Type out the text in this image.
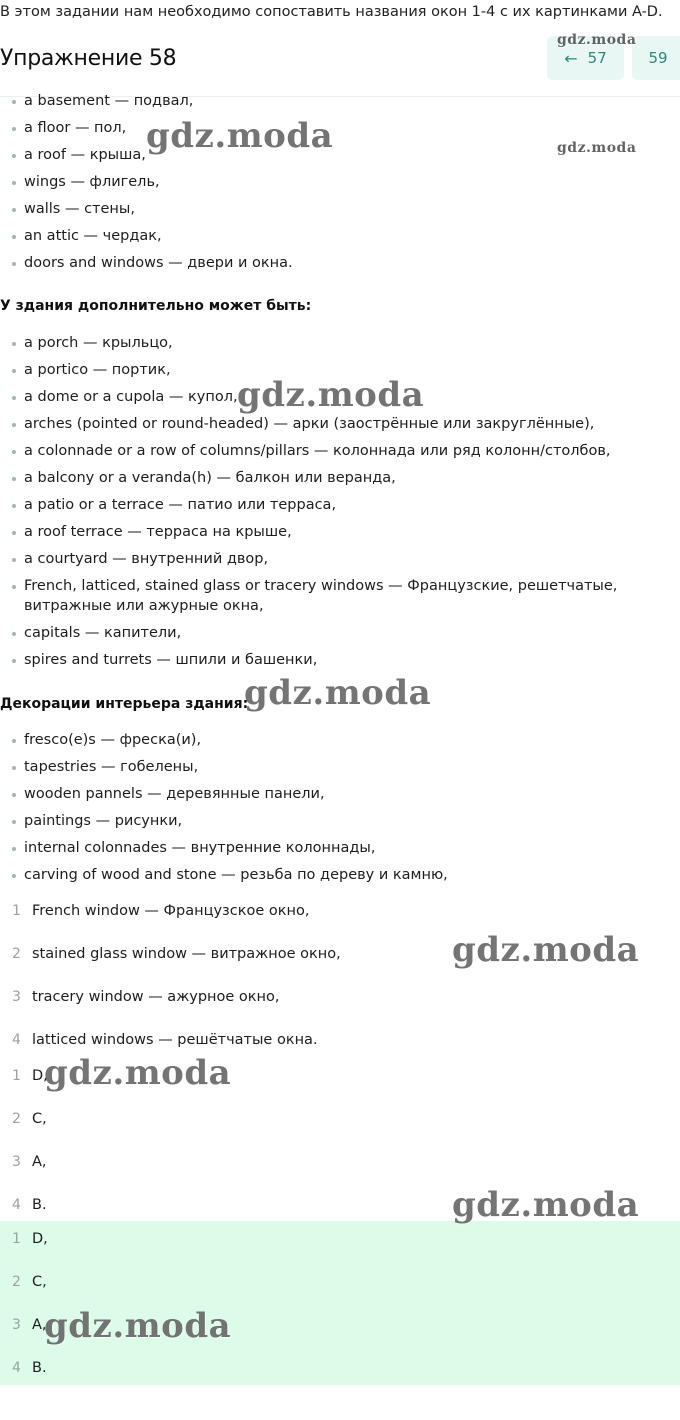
В этом задании нам необходимо сопоставить названия окон 1-4 с их картинками A-D.
Упражнение 58	← 57	59
a basement — подвал,
a floor — пол,
a roof — крыша,
wings — флигель,
walls — стены,
an attic — чердак,
doors and windows — двери и окна.
У здания дополнительно может быть:
a porch — крыльцо,
a portico — портик,
a dome or a cupola — купол,
arches (pointed or round-headed) — арки (заострённые или закруглённые),
a colonnade or a row of columns/pillars — колоннада или ряд колонн/столбов,
a balcony or a veranda(h) — балкон или веранда,
a patio or a terrace — патио или терраса,
a roof terrace — терраса на крыше,
a courtyard — внутренний двор,
French, latticed, stained glass or tracery windows — Французские, решетчатые, витражные или ажурные окна,
capitals — капители,
spires and turrets — шпили и башенки,
Декорации интерьера здания:
fresco(e)s — фреска(и),
tapestries — гобелены,
wooden pannels — деревянные панели,
paintings — рисунки,
internal colonnades — внутренние колоннады,
carving of wood and stone — резьба по дереву и камню,
1 French window — Французское окно,
2 stained glass window — витражное окно,
3 tracery window — ажурное окно,
4 latticed windows — решётчатые окна.
1 D,
2 C,
3 A,
4 B.
1 D,
2 C,
3 A,
4 B.
gdz.moda
gdz.moda
gdz.moda
gdz.moda
gdz.moda
gdz.moda
gdz.moda
gdz.moda
gdz.moda
